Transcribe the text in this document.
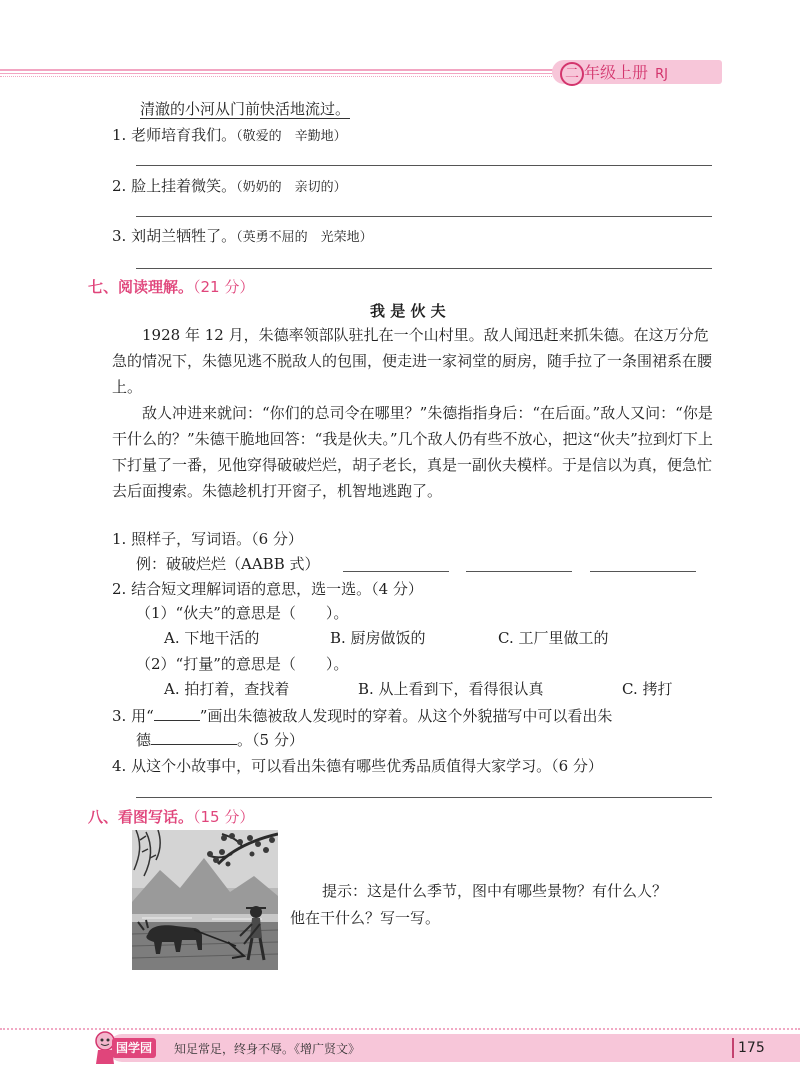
二 年级上册 RJ
清澈的小河从门前快活地流过。
1. 老师培育我们。（敬爱的　辛勤地）
2. 脸上挂着微笑。（奶奶的　亲切的）
3. 刘胡兰牺牲了。（英勇不屈的　光荣地）
七、阅读理解。（21 分）
我 是 伙 夫
1928 年 12 月，朱德率领部队驻扎在一个山村里。敌人闻迅赶来抓朱德。在这万分危急的情况下，朱德见逃不脱敌人的包围，便走进一家祠堂的厨房，随手拉了一条围裙系在腰上。
敌人冲进来就问：“你们的总司令在哪里？”朱德指指身后：“在后面。”敌人又问：“你是干什么的？”朱德干脆地回答：“我是伙夫。”几个敌人仍有些不放心，把这“伙夫”拉到灯下上下打量了一番，见他穿得破破烂烂，胡子老长，真是一副伙夫模样。于是信以为真，便急忙去后面搜索。朱德趁机打开窗子，机智地逃跑了。
1. 照样子，写词语。（6 分）
例：破破烂烂（AABB 式）
2. 结合短文理解词语的意思，选一选。（4 分）
（1）“伙夫”的意思是（　　）。
A. 下地干活的	B. 厨房做饭的	C. 工厂里做工的
（2）“打量”的意思是（　　）。
A. 拍打着，查找着	B. 从上看到下，看得很认真	C. 拷打
3. 用“	”画出朱德被敌人发现时的穿着。从这个外貌描写中可以看出朱
德	。（5 分）
4. 从这个小故事中，可以看出朱德有哪些优秀品质值得大家学习。（6 分）
八、看图写话。（15 分）
提示：这是什么季节，图中有哪些景物？有什么人？
他在干什么？写一写。
国学园	知足常足，终身不辱。《增广贤文》	175
